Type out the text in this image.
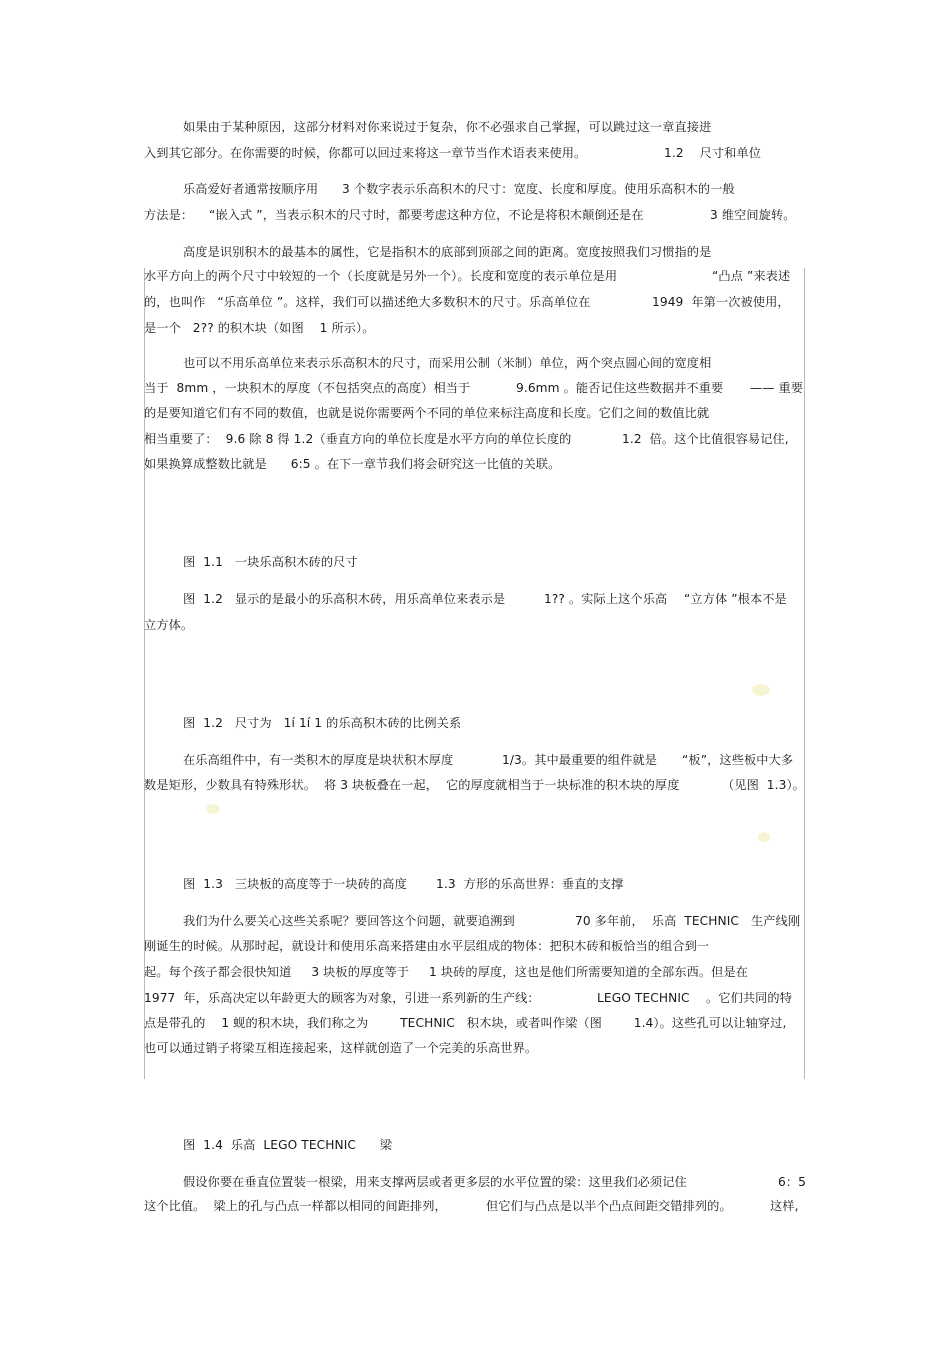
如果由于某种原因，这部分材料对你来说过于复杂，你不必强求自己掌握，可以跳过这一章直接进
入到其它部分。在你需要的时候，你都可以回过来将这一章节当作术语表来使用。	1.2    尺寸和单位
乐高爱好者通常按顺序用      3 个数字表示乐高积木的尺寸：宽度、长度和厚度。使用乐高积木的一般
方法是：    “嵌入式 ”，当表示积木的尺寸时，都要考虑这种方位，不论是将积木颠倒还是在	3 维空间旋转。
高度是识别积木的最基本的属性，它是指积木的底部到顶部之间的距离。宽度按照我们习惯指的是
水平方向上的两个尺寸中较短的一个（长度就是另外一个）。长度和宽度的表示单位是用	“凸点 ”来表述
的，也叫作   “乐高单位 ”。这样，我们可以描述绝大多数积木的尺寸。乐高单位在	1949  年第一次被使用，
是一个   2?? 的积木块（如图    1 所示）。
也可以不用乐高单位来表示乐高积木的尺寸，而采用公制（米制）单位，两个突点圆心间的宽度相
当于  8mm ，一块积木的厚度（不包括突点的高度）相当于	9.6mm 。能否记住这些数据并不重要 —— 重要
的是要知道它们有不同的数值，也就是说你需要两个不同的单位来标注高度和长度。它们之间的数值比就
相当重要了：  9.6 除 8 得 1.2（垂直方向的单位长度是水平方向的单位长度的	1.2  倍。这个比值很容易记住,
如果换算成整数比就是      6:5 。在下一章节我们将会研究这一比值的关联。
图  1.1   一块乐高积木砖的尺寸
图  1.2   显示的是最小的乐高积木砖，用乐高单位来表示是	1?? 。实际上这个乐高 “立方体 ”根本不是
立方体。
图  1.2   尺寸为   1í 1í 1 的乐高积木砖的比例关系
在乐高组件中，有一类积木的厚度是块状积木厚度	1/3。其中最重要的组件就是 “板”，这些板中大多
数是矩形，少数具有特殊形状。  将 3 块板叠在一起，  它的厚度就相当于一块标准的积木块的厚度	（见图  1.3）。
图  1.3   三块板的高度等于一块砖的高度 1.3  方形的乐高世界：垂直的支撑
我们为什么要关心这些关系呢？要回答这个问题，就要追溯到	70 多年前，  乐高  TECHNIC   生产线刚
刚诞生的时候。从那时起，就设计和使用乐高来搭建由水平层组成的物体：把积木砖和板恰当的组合到一
起。每个孩子都会很快知道     3 块板的厚度等于     1 块砖的厚度，这也是他们所需要知道的全部东西。但是在
1977  年，乐高决定以年龄更大的顾客为对象，引进一系列新的生产线：	LEGO TECHNIC 。它们共同的特
点是带孔的    1 蚬的积木块，我们称之为        TECHNIC   积木块，或者叫作梁（图        1.4）。这些孔可以让轴穿过,
也可以通过销子将梁互相连接起来，这样就创造了一个完美的乐高世界。
图  1.4  乐高  LEGO TECHNIC      梁
假设你要在垂直位置装一根梁，用来支撑两层或者更多层的水平位置的梁：这里我们必须记住	6：5
这个比值。  梁上的孔与凸点一样都以相同的间距排列，	但它们与凸点是以半个凸点间距交错排列的。	这样,
